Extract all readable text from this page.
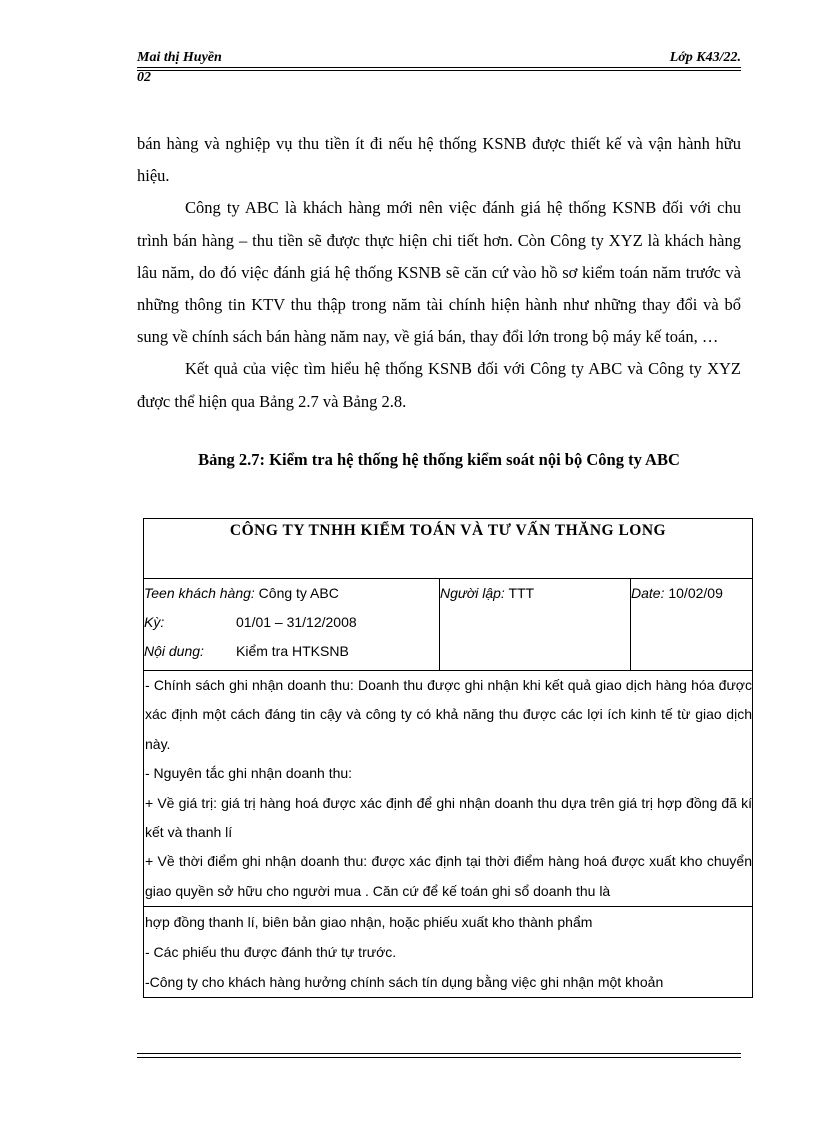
Mai thị Huyền	Lớp K43/22.
02

bán hàng và nghiệp vụ thu tiền ít đi nếu hệ thống KSNB được thiết kế và vận hành hữu hiệu.

Công ty ABC là khách hàng mới nên việc đánh giá hệ thống KSNB đối với chu trình bán hàng – thu tiền sẽ được thực hiện chi tiết hơn. Còn Công ty XYZ là khách hàng lâu năm, do đó việc đánh giá hệ thống KSNB sẽ căn cứ vào hồ sơ kiểm toán năm trước và những thông tin KTV thu thập trong năm tài chính hiện hành như những thay đổi và bổ sung về chính sách bán hàng năm nay, về giá bán, thay đổi lớn trong bộ máy kế toán, …

Kết quả của việc tìm hiểu hệ thống KSNB đối với Công ty ABC và Công ty XYZ được thể hiện qua Bảng 2.7 và Bảng 2.8.

Bảng 2.7: Kiểm tra hệ thống hệ thống kiểm soát nội bộ Công ty ABC
CÔNG TY TNHH KIỂM TOÁN VÀ TƯ VẤN THĂNG LONG
Teen khách hàng: Công ty ABC
Kỳ:	01/01 – 31/12/2008
Nội dung: Kiểm tra HTKSNB
Người lập: TTT	Date: 10/02/09
- Chính sách ghi nhận doanh thu: Doanh thu được ghi nhận khi kết quả giao dịch hàng hóa được xác định một cách đáng tin cậy và công ty có khả năng thu được các lợi ích kinh tế từ giao dịch này.
- Nguyên tắc ghi nhận doanh thu:
+ Về giá trị: giá trị hàng hoá được xác định để ghi nhận doanh thu dựa trên giá trị hợp đồng đã kí kết và thanh lí
+ Về thời điểm ghi nhận doanh thu: được xác định tại thời điểm hàng hoá được xuất kho chuyển giao quyền sở hữu cho người mua . Căn cứ để kế toán ghi sổ doanh thu là
hợp đồng thanh lí, biên bản giao nhận, hoặc phiếu xuất kho thành phẩm
- Các phiếu thu được đánh thứ tự trước.
-Công ty cho khách hàng hưởng chính sách tín dụng bằng việc ghi nhận một khoản
